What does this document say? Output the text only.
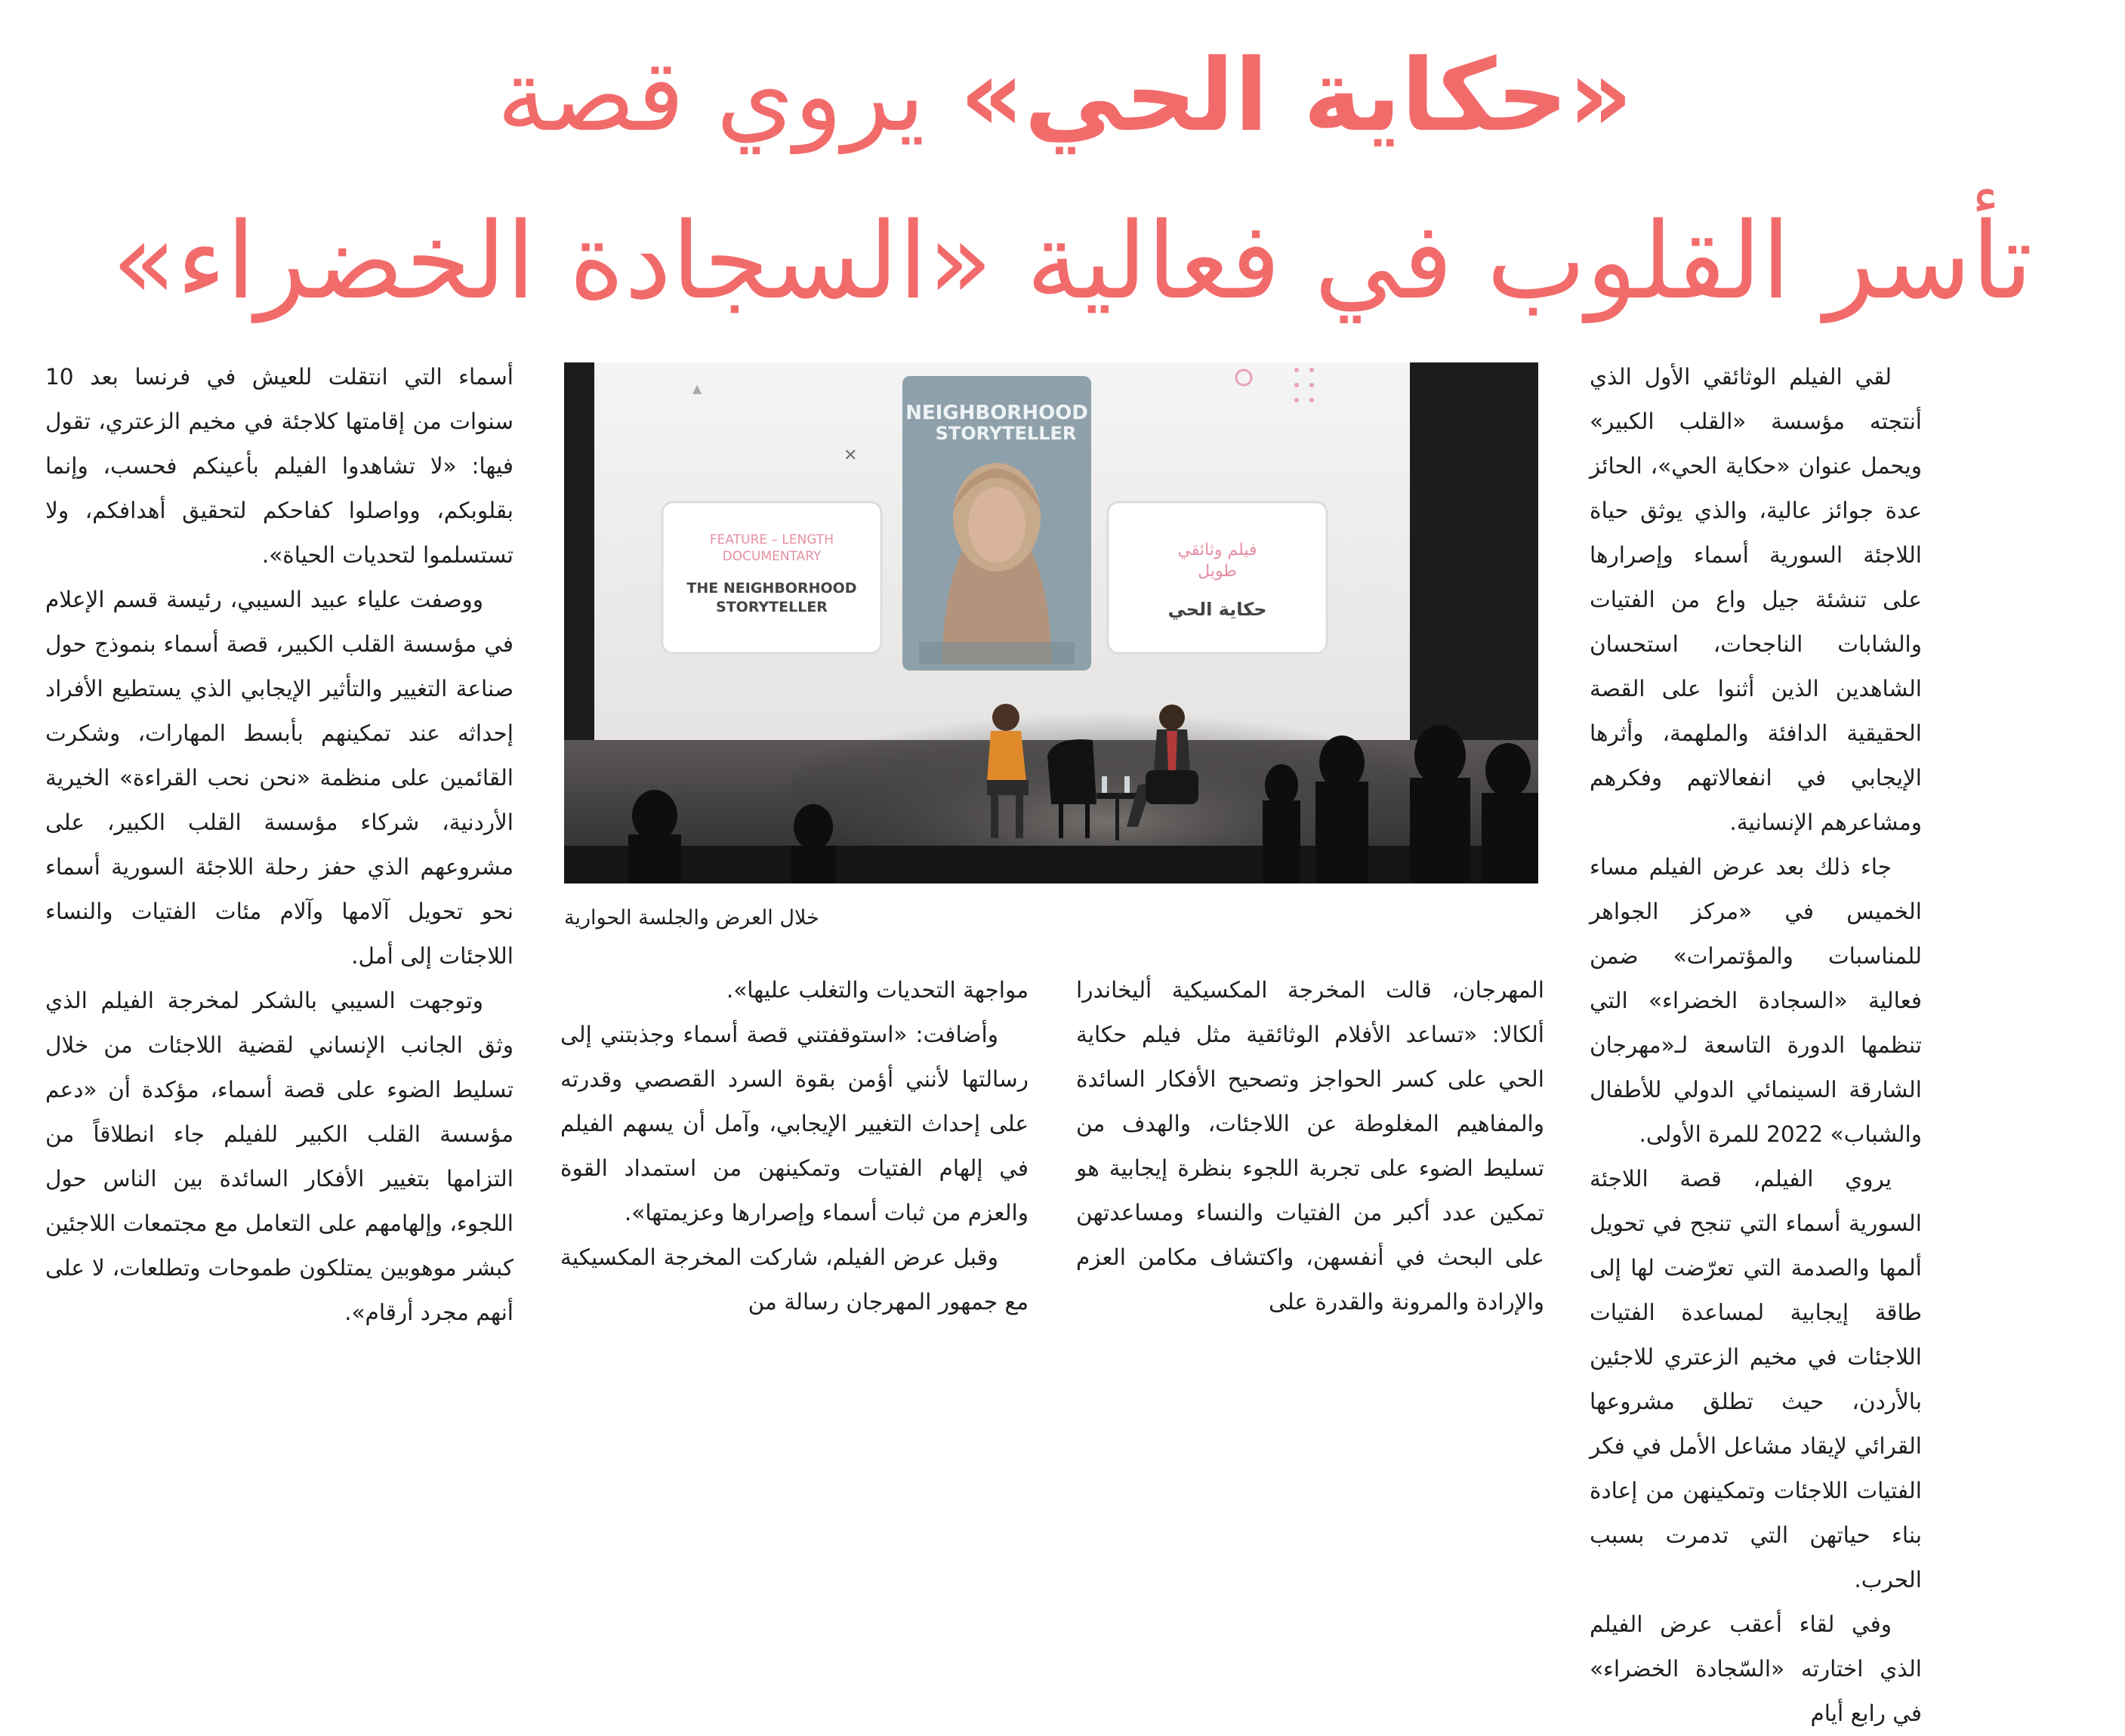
«حكاية الحي» يروي قصة
تأسر القلوب في فعالية «السجادة الخضراء»

لقي الفيلم الوثائقي الأول الذي أنتجته مؤسسة «القلب الكبير» ويحمل عنوان «حكاية الحي»، الحائز عدة جوائز عالية، والذي يوثق حياة اللاجئة السورية أسماء وإصرارها على تنشئة جيل واع من الفتيات والشابات الناجحات، استحسان الشاهدين الذين أثنوا على القصة الحقيقية الدافئة والملهمة، وأثرها الإيجابي في انفعالاتهم وفكرهم ومشاعرهم الإنسانية.

جاء ذلك بعد عرض الفيلم مساء الخميس في «مركز الجواهر للمناسبات والمؤتمرات» ضمن فعالية «السجادة الخضراء» التي تنظمها الدورة التاسعة لـ«مهرجان الشارقة السينمائي الدولي للأطفال والشباب» 2022 للمرة الأولى.

يروي الفيلم، قصة اللاجئة السورية أسماء التي تنجح في تحويل ألمها والصدمة التي تعرّضت لها إلى طاقة إيجابية لمساعدة الفتيات اللاجئات في مخيم الزعتري للاجئين بالأردن، حيث تطلق مشروعها القرائي لإيقاد مشاعل الأمل في فكر الفتيات اللاجئات وتمكينهن من إعادة بناء حياتهن التي تدمرت بسبب الحرب.

وفي لقاء أعقب عرض الفيلم الذي اختارته «السّجادة الخضراء» في رابع أيام

✕
▲
FEATURE – LENGTH
DOCUMENTARY
THE NEIGHBORHOOD
STORYTELLER
NEIGHBORHOOD
STORYTELLER
فيلم وثائقي
طويل
حكاية الحي
خلال العرض والجلسة الحوارية

المهرجان، قالت المخرجة المكسيكية أليخاندرا ألكالا: «تساعد الأفلام الوثائقية مثل فيلم حكاية الحي على كسر الحواجز وتصحيح الأفكار السائدة والمفاهيم المغلوطة عن اللاجئات، والهدف من تسليط الضوء على تجربة اللجوء بنظرة إيجابية هو تمكين عدد أكبر من الفتيات والنساء ومساعدتهن على البحث في أنفسهن، واكتشاف مكامن العزم والإرادة والمرونة والقدرة على

مواجهة التحديات والتغلب عليها».

وأضافت: «استوقفتني قصة أسماء وجذبتني إلى رسالتها لأنني أؤمن بقوة السرد القصصي وقدرته على إحداث التغيير الإيجابي، وآمل أن يسهم الفيلم في إلهام الفتيات وتمكينهن من استمداد القوة والعزم من ثبات أسماء وإصرارها وعزيمتها».

وقبل عرض الفيلم، شاركت المخرجة المكسيكية مع جمهور المهرجان رسالة من

أسماء التي انتقلت للعيش في فرنسا بعد 10 سنوات من إقامتها كلاجئة في مخيم الزعتري، تقول فيها: «لا تشاهدوا الفيلم بأعينكم فحسب، وإنما بقلوبكم، وواصلوا كفاحكم لتحقيق أهدافكم، ولا تستسلموا لتحديات الحياة».

ووصفت علياء عبيد السيبي، رئيسة قسم الإعلام في مؤسسة القلب الكبير، قصة أسماء بنموذج حول صناعة التغيير والتأثير الإيجابي الذي يستطيع الأفراد إحداثه عند تمكينهم بأبسط المهارات، وشكرت القائمين على منظمة «نحن نحب القراءة» الخيرية الأردنية، شركاء مؤسسة القلب الكبير، على مشروعهم الذي حفز رحلة اللاجئة السورية أسماء نحو تحويل آلامها وآلام مئات الفتيات والنساء اللاجئات إلى أمل.

وتوجهت السيبي بالشكر لمخرجة الفيلم الذي وثق الجانب الإنساني لقضية اللاجئات من خلال تسليط الضوء على قصة أسماء، مؤكدة أن «دعم مؤسسة القلب الكبير للفيلم جاء انطلاقاً من التزامها بتغيير الأفكار السائدة بين الناس حول اللجوء، وإلهامهم على التعامل مع مجتمعات اللاجئين كبشر موهوبين يمتلكون طموحات وتطلعات، لا على أنهم مجرد أرقام».
